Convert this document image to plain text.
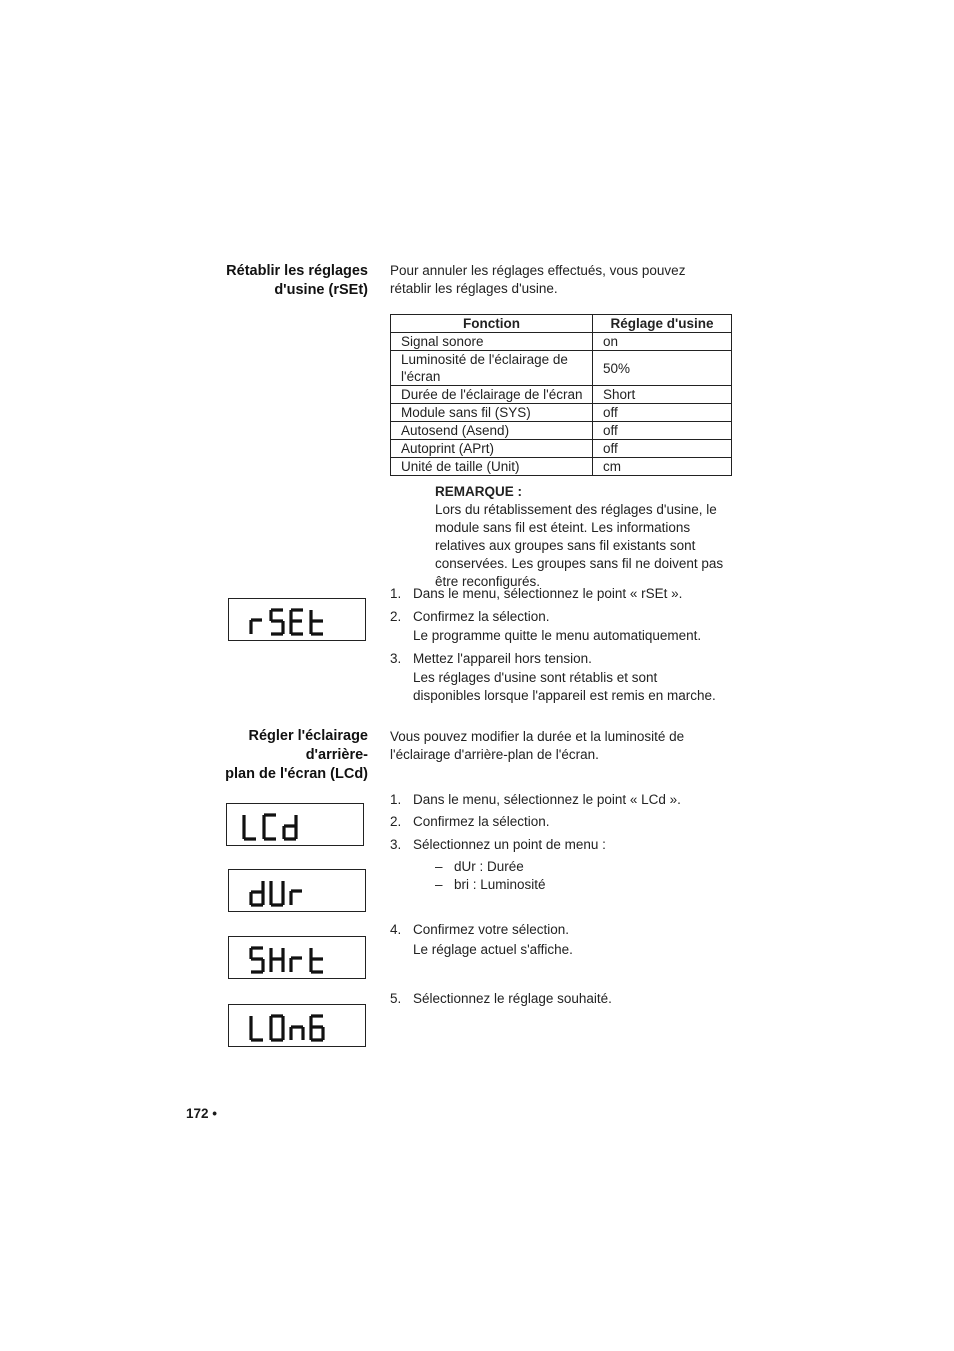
Rétablir les réglages
d'usine (rSEt)
Pour annuler les réglages effectués, vous pouvez
rétablir les réglages d'usine.
Fonction	Réglage d'usine
Signal sonore	on
Luminosité de l'éclairage de l'écran	50%
Durée de l'éclairage de l'écran	Short
Module sans fil (SYS)	off
Autosend (Asend)	off
Autoprint (APrt)	off
Unité de taille (Unit)	cm
REMARQUE :
Lors du rétablissement des réglages d'usine, le
module sans fil est éteint. Les informations
relatives aux groupes sans fil existants sont
conservées. Les groupes sans fil ne doivent pas
être reconfigurés.
1. Dans le menu, sélectionnez le point « rSEt ».
2. Confirmez la sélection.
Le programme quitte le menu automatiquement.
3. Mettez l'appareil hors tension.
Les réglages d'usine sont rétablis et sont
disponibles lorsque l'appareil est remis en marche.
Régler l'éclairage
d'arrière-
plan de l'écran (LCd)
Vous pouvez modifier la durée et la luminosité de
l'éclairage d'arrière-plan de l'écran.
1. Dans le menu, sélectionnez le point « LCd ».
2. Confirmez la sélection.
3. Sélectionnez un point de menu :
– dUr : Durée
– bri : Luminosité
4. Confirmez votre sélection.
Le réglage actuel s'affiche.
5. Sélectionnez le réglage souhaité.
172 •
